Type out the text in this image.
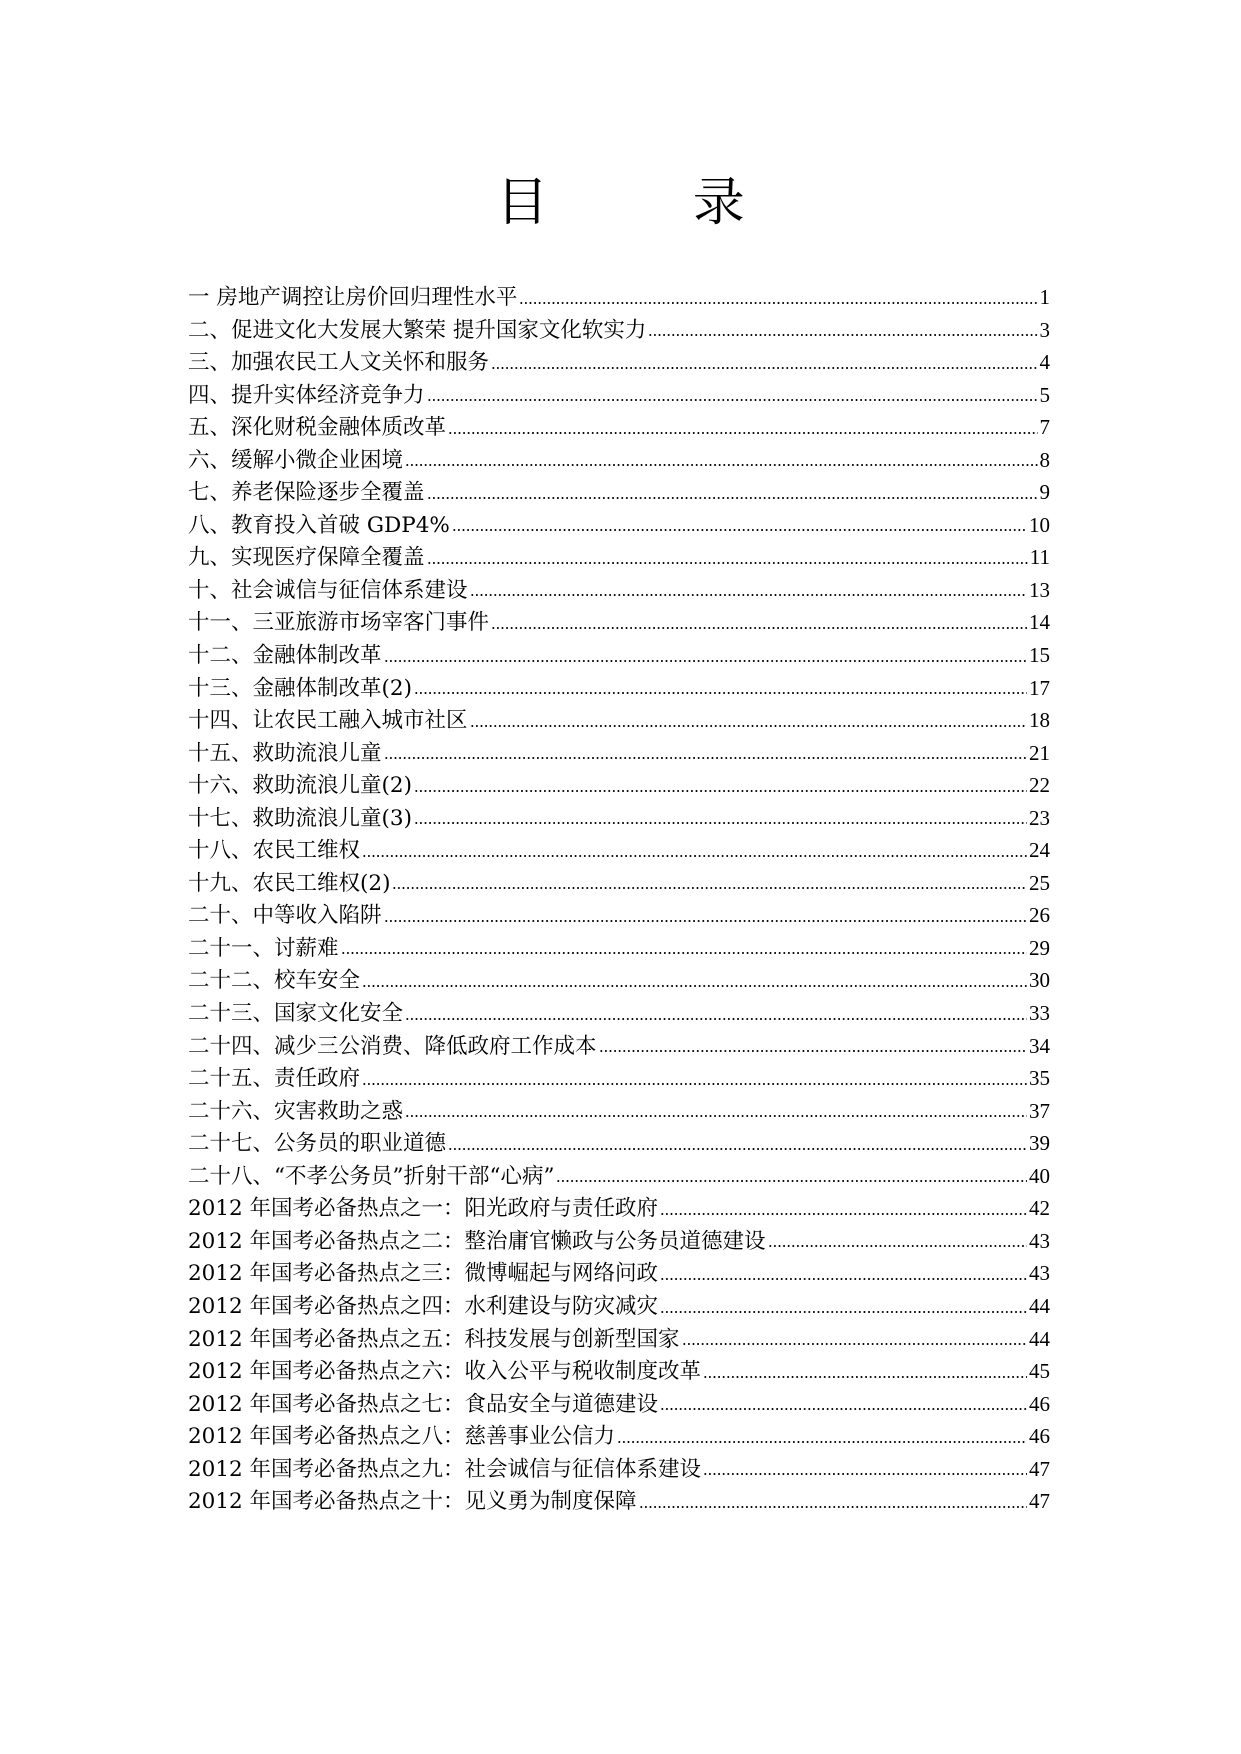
目 录
一 房地产调控让房价回归理性水平	1
二、促进文化大发展大繁荣 提升国家文化软实力	3
三、加强农民工人文关怀和服务	4
四、提升实体经济竞争力	5
五、深化财税金融体质改革	7
六、缓解小微企业困境	8
七、养老保险逐步全覆盖	9
八、教育投入首破 GDP4%	10
九、实现医疗保障全覆盖	11
十、社会诚信与征信体系建设	13
十一、三亚旅游市场宰客门事件	14
十二、金融体制改革	15
十三、金融体制改革(2)	17
十四、让农民工融入城市社区	18
十五、救助流浪儿童	21
十六、救助流浪儿童(2)	22
十七、救助流浪儿童(3)	23
十八、农民工维权	24
十九、农民工维权(2)	25
二十、中等收入陷阱	26
二十一、讨薪难	29
二十二、校车安全	30
二十三、国家文化安全	33
二十四、减少三公消费、降低政府工作成本	34
二十五、责任政府	35
二十六、灾害救助之惑	37
二十七、公务员的职业道德	39
二十八、“不孝公务员”折射干部“心病”	40
2012 年国考必备热点之一：阳光政府与责任政府	42
2012 年国考必备热点之二：整治庸官懒政与公务员道德建设	43
2012 年国考必备热点之三：微博崛起与网络问政	43
2012 年国考必备热点之四：水利建设与防灾减灾	44
2012 年国考必备热点之五：科技发展与创新型国家	44
2012 年国考必备热点之六：收入公平与税收制度改革	45
2012 年国考必备热点之七：食品安全与道德建设	46
2012 年国考必备热点之八：慈善事业公信力	46
2012 年国考必备热点之九：社会诚信与征信体系建设	47
2012 年国考必备热点之十：见义勇为制度保障	47
